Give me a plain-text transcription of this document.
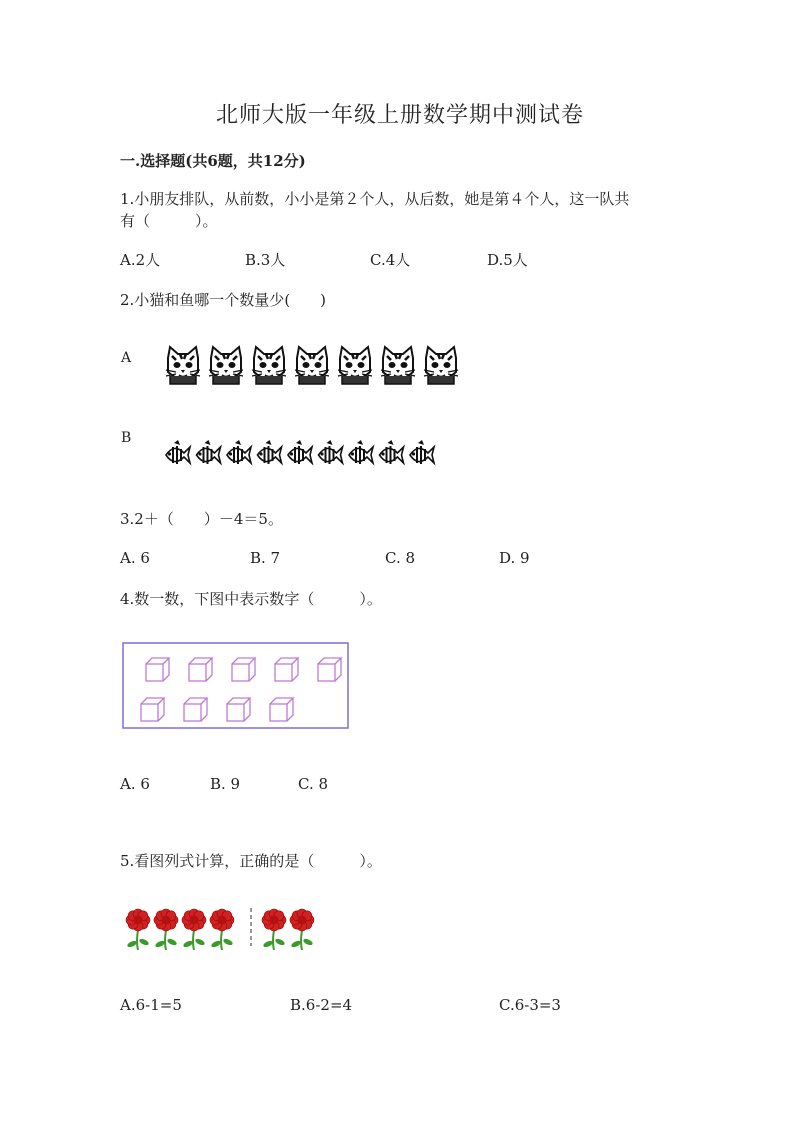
北师大版一年级上册数学期中测试卷
一.选择题(共6题，共12分)
1.小朋友排队，从前数，小小是第２个人，从后数，她是第４个人，这一队共
有（　　　）。
A.2人	B.3人	C.4人	D.5人
2.小猫和鱼哪一个数量少(　　)
A
B
3.2＋（　　）－4＝5。
A. 6	B. 7	C. 8	D. 9
4.数一数，下图中表示数字（　　　）。
A. 6	B. 9	C. 8
5.看图列式计算，正确的是（　　　）。
A.6-1=5	B.6-2=4	C.6-3=3
